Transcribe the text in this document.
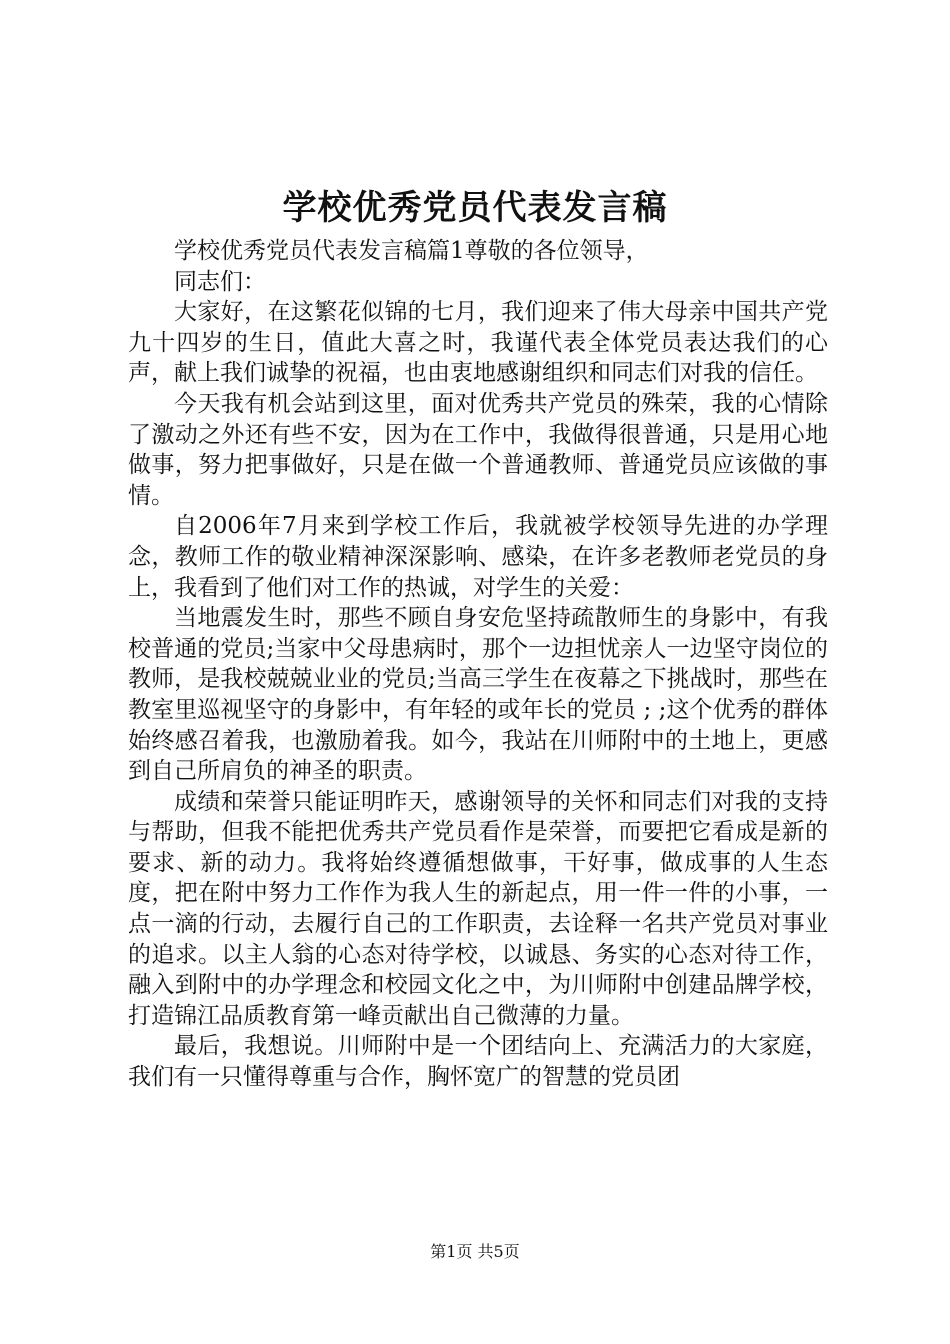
学校优秀党员代表发言稿

学校优秀党员代表发言稿篇1尊敬的各位领导，

同志们：

大家好，在这繁花似锦的七月，我们迎来了伟大母亲中国共产党九十四岁的生日，值此大喜之时，我谨代表全体党员表达我们的心声，献上我们诚挚的祝福，也由衷地感谢组织和同志们对我的信任。

今天我有机会站到这里，面对优秀共产党员的殊荣，我的心情除了激动之外还有些不安，因为在工作中，我做得很普通，只是用心地做事，努力把事做好，只是在做一个普通教师、普通党员应该做的事情。

自2006年7月来到学校工作后，我就被学校领导先进的办学理念，教师工作的敬业精神深深影响、感染，在许多老教师老党员的身上，我看到了他们对工作的热诚，对学生的关爱：

当地震发生时，那些不顾自身安危坚持疏散师生的身影中，有我校普通的党员;当家中父母患病时，那个一边担忧亲人一边坚守岗位的教师，是我校兢兢业业的党员;当高三学生在夜幕之下挑战时，那些在教室里巡视坚守的身影中，有年轻的或年长的党员 ; ;这个优秀的群体始终感召着我，也激励着我。如今，我站在川师附中的土地上，更感到自己所肩负的神圣的职责。

成绩和荣誉只能证明昨天，感谢领导的关怀和同志们对我的支持与帮助，但我不能把优秀共产党员看作是荣誉，而要把它看成是新的要求、新的动力。我将始终遵循想做事，干好事，做成事的人生态度，把在附中努力工作作为我人生的新起点，用一件一件的小事，一点一滴的行动，去履行自己的工作职责，去诠释一名共产党员对事业的追求。以主人翁的心态对待学校，以诚恳、务实的心态对待工作，融入到附中的办学理念和校园文化之中，为川师附中创建品牌学校，打造锦江品质教育第一峰贡献出自己微薄的力量。

最后，我想说。川师附中是一个团结向上、充满活力的大家庭，我们有一只懂得尊重与合作，胸怀宽广的智慧的党员团

第1页 共5页
